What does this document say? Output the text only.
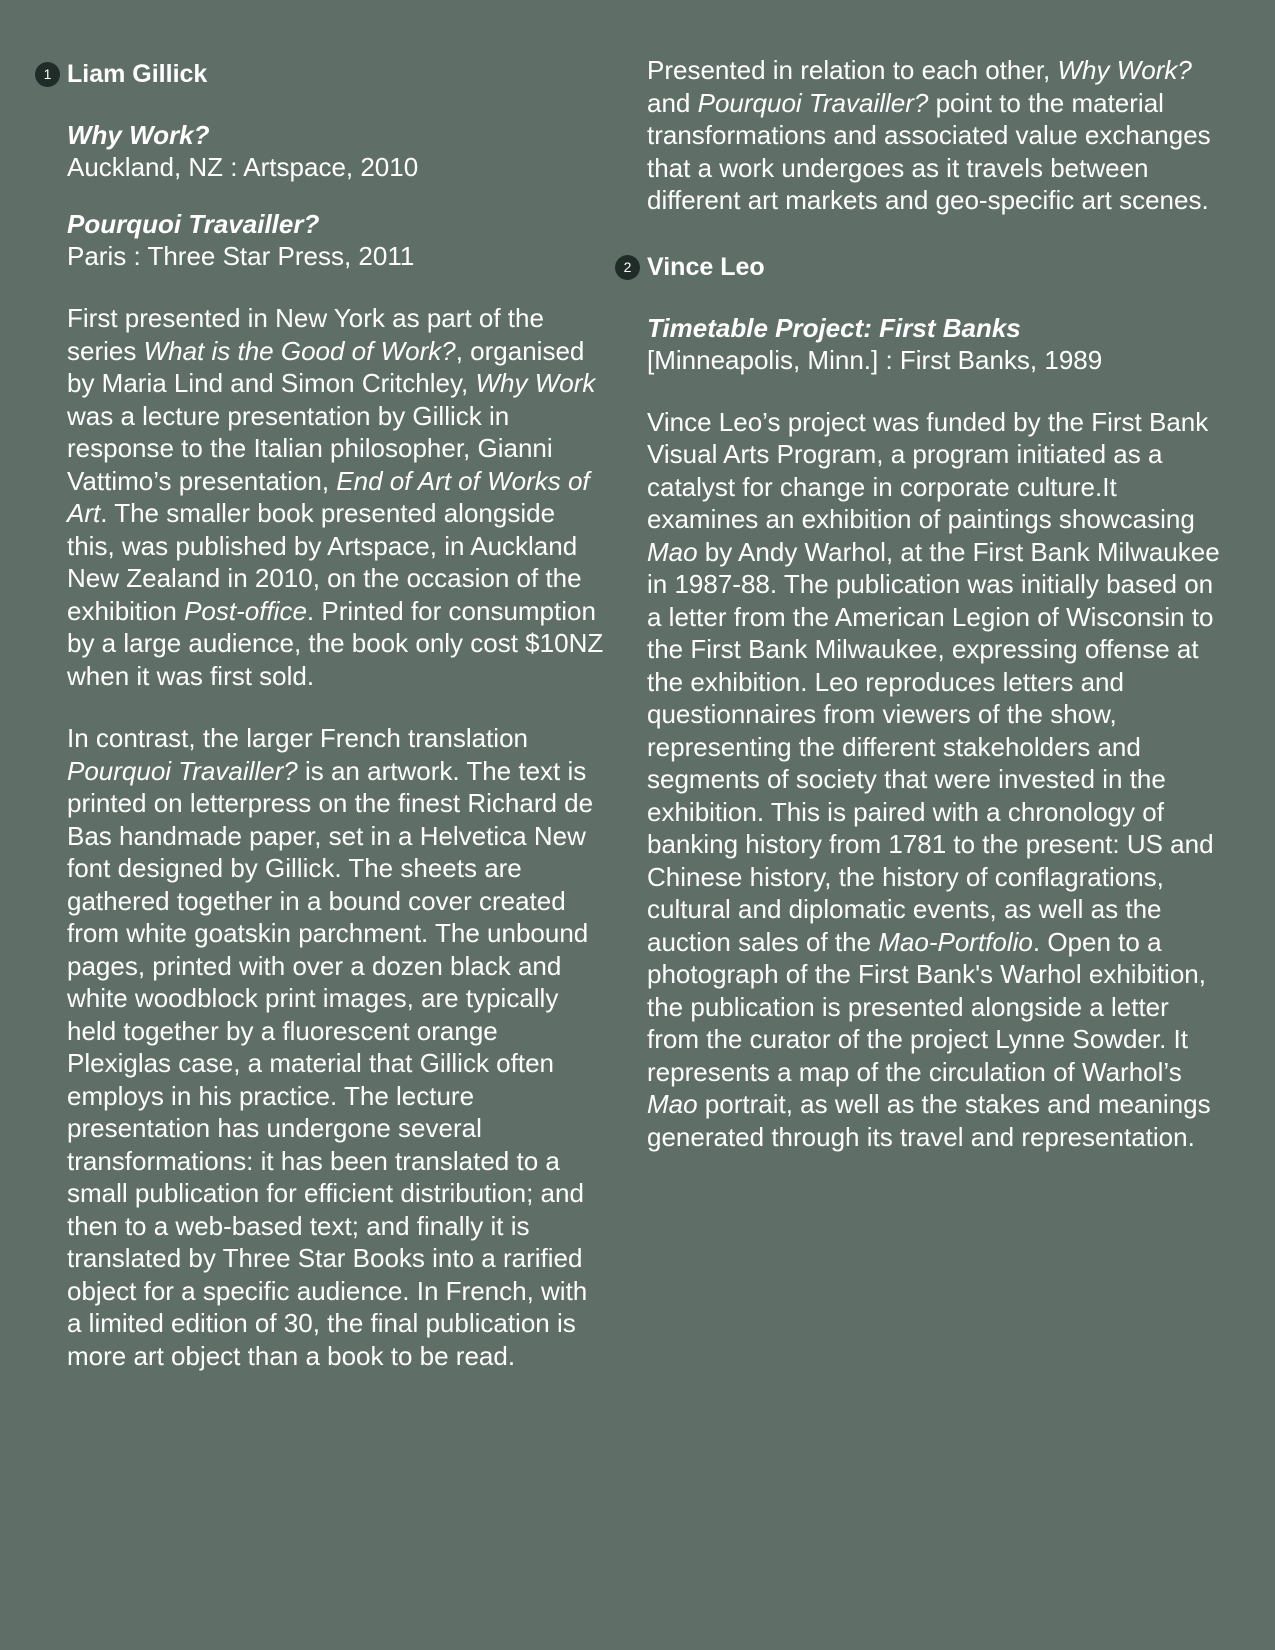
1 Liam Gillick
Why Work?
Auckland, NZ : Artspace, 2010
Pourquoi Travailler?
Paris : Three Star Press, 2011

First presented in New York as part of the series What is the Good of Work?, organised by Maria Lind and Simon Critchley, Why Work was a lecture presentation by Gillick in response to the Italian philosopher, Gianni Vattimo’s presentation, End of Art of Works of Art. The smaller book presented alongside this, was published by Artspace, in Auckland New Zealand in 2010, on the occasion of the exhibition Post-office. Printed for consumption by a large audience, the book only cost $10NZ when it was first sold.

In contrast, the larger French translation Pourquoi Travailler? is an artwork. The text is printed on letterpress on the finest Richard de Bas handmade paper, set in a Helvetica New font designed by Gillick. The sheets are gathered together in a bound cover created from white goatskin parchment. The unbound pages, printed with over a dozen black and white woodblock print images, are typically held together by a fluorescent orange Plexiglas case, a material that Gillick often employs in his practice. The lecture presentation has undergone several transformations: it has been translated to a small publication for efficient distribution; and then to a web-based text; and finally it is translated by Three Star Books into a rarified object for a specific audience. In French, with a limited edition of 30, the final publication is more art object than a book to be read.

Presented in relation to each other, Why Work? and Pourquoi Travailler? point to the material transformations and associated value exchanges that a work undergoes as it travels between different art markets and geo-specific art scenes.

2 Vince Leo
Timetable Project: First Banks
[Minneapolis, Minn.] : First Banks, 1989

Vince Leo’s project was funded by the First Bank Visual Arts Program, a program initiated as a catalyst for change in corporate culture.It examines an exhibition of paintings showcasing Mao by Andy Warhol, at the First Bank Milwaukee in 1987-88. The publication was initially based on a letter from the American Legion of Wisconsin to the First Bank Milwaukee, expressing offense at the exhibition. Leo reproduces letters and questionnaires from viewers of the show, representing the different stakeholders and segments of society that were invested in the exhibition. This is paired with a chronology of banking history from 1781 to the present: US and Chinese history, the history of conflagrations, cultural and diplomatic events, as well as the auction sales of the Mao-Portfolio. Open to a photograph of the First Bank's Warhol exhibition, the publication is presented alongside a letter from the curator of the project Lynne Sowder. It represents a map of the circulation of Warhol’s Mao portrait, as well as the stakes and meanings generated through its travel and representation.
